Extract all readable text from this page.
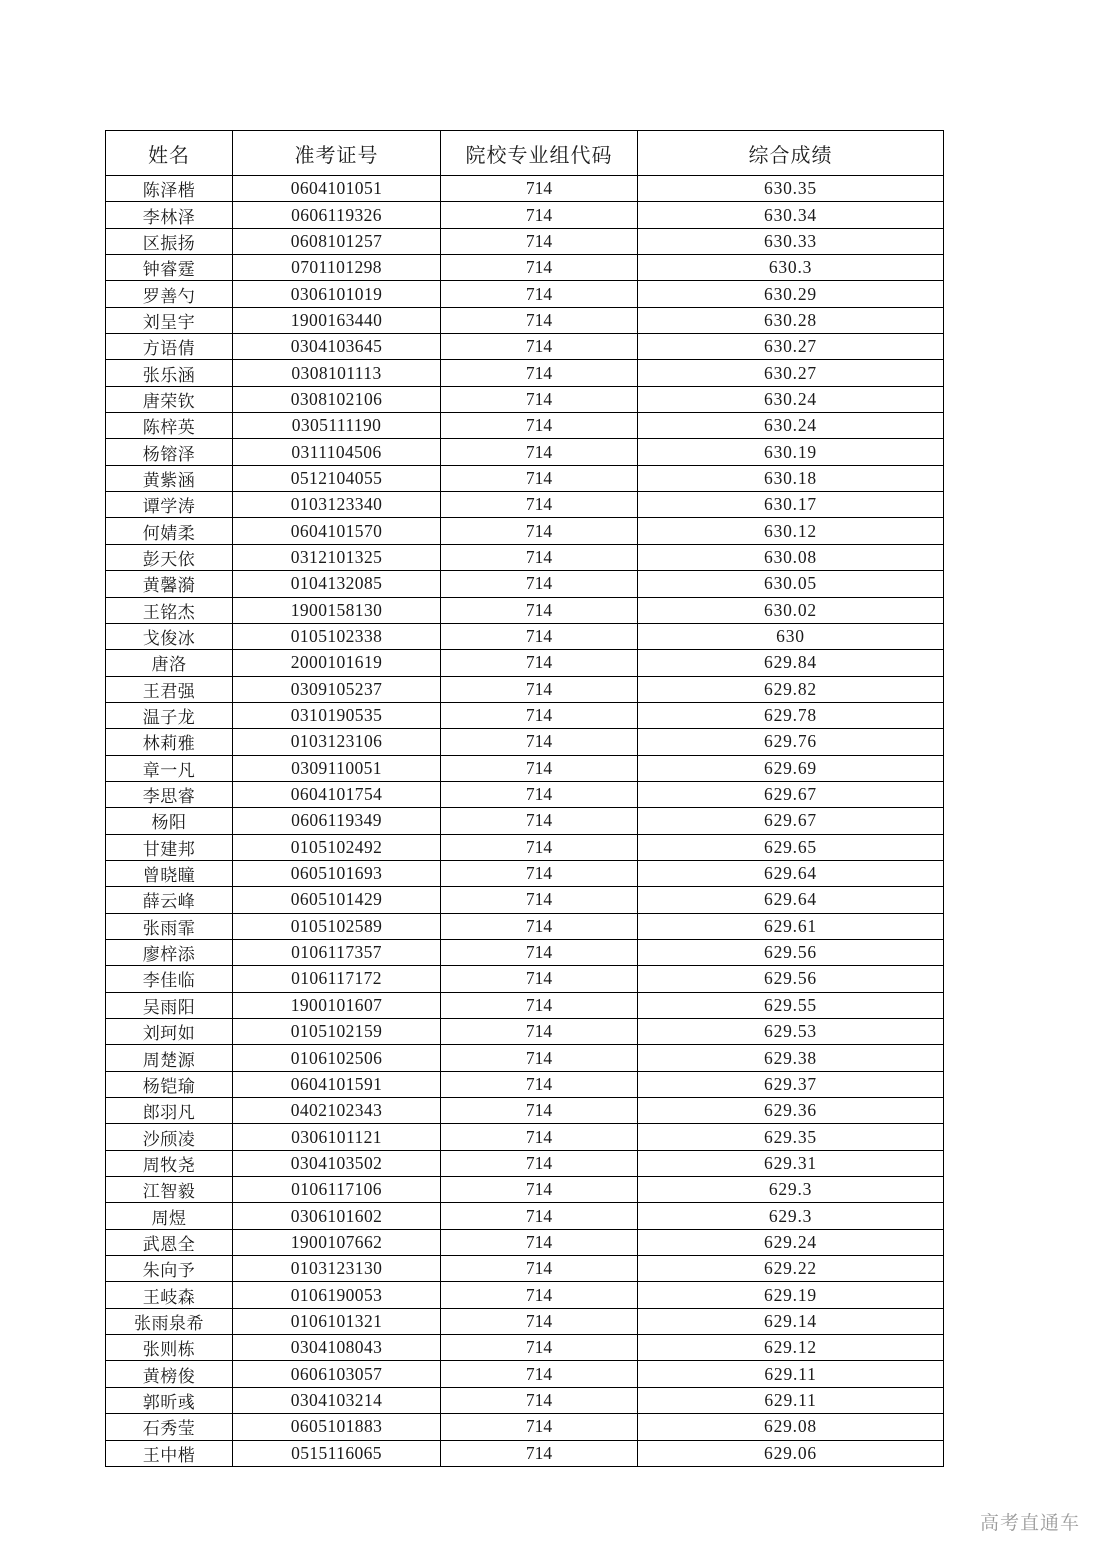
姓名	准考证号	院校专业组代码	综合成绩
陈泽楷	0604101051	714	630.35
李林泽	0606119326	714	630.34
区振扬	0608101257	714	630.33
钟睿霆	0701101298	714	630.3
罗善勺	0306101019	714	630.29
刘呈宇	1900163440	714	630.28
方语倩	0304103645	714	630.27
张乐涵	0308101113	714	630.27
唐荣钦	0308102106	714	630.24
陈梓英	0305111190	714	630.24
杨镕泽	0311104506	714	630.19
黄紫涵	0512104055	714	630.18
谭学涛	0103123340	714	630.17
何婧柔	0604101570	714	630.12
彭天依	0312101325	714	630.08
黄馨漪	0104132085	714	630.05
王铭杰	1900158130	714	630.02
戈俊冰	0105102338	714	630
唐洛	2000101619	714	629.84
王君强	0309105237	714	629.82
温子龙	0310190535	714	629.78
林莉雅	0103123106	714	629.76
章一凡	0309110051	714	629.69
李思睿	0604101754	714	629.67
杨阳	0606119349	714	629.67
甘建邦	0105102492	714	629.65
曾晓瞳	0605101693	714	629.64
薛云峰	0605101429	714	629.64
张雨霏	0105102589	714	629.61
廖梓添	0106117357	714	629.56
李佳临	0106117172	714	629.56
吴雨阳	1900101607	714	629.55
刘珂如	0105102159	714	629.53
周楚源	0106102506	714	629.38
杨铠瑜	0604101591	714	629.37
郎羽凡	0402102343	714	629.36
沙颀凌	0306101121	714	629.35
周牧尧	0304103502	714	629.31
江智毅	0106117106	714	629.3
周煜	0306101602	714	629.3
武恩全	1900107662	714	629.24
朱向予	0103123130	714	629.22
王岐森	0106190053	714	629.19
张雨泉希	0106101321	714	629.14
张则栋	0304108043	714	629.12
黄榜俊	0606103057	714	629.11
郭昕彧	0304103214	714	629.11
石秀莹	0605101883	714	629.08
王中楷	0515116065	714	629.06
高考直通车
